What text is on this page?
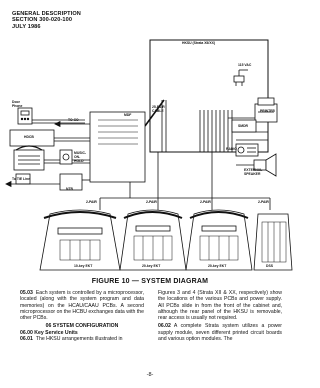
GENERAL DESCRIPTION
SECTION 300-020-100
JULY 1986
HKSU (Strata XII/XX)
115 VAC
Door Phone
TO CO
25-PAIR CABLE
HDCB
MDF
MUSIC-ON-HOLD
To TIE Line
NTB
PRINTER
SMDR
RADIO
EXTERNAL SPEAKER
2-PAIR	2-PAIR	2-PAIR	2-PAIR
10-key EKT	20-key EKT	20-key EKT	DSS
FIGURE 10 — SYSTEM DIAGRAM
05.03 Each system is controlled by a microprocessor, located (along with the system program and data memories) on the HCAU/CAAU PCBs. A second microprocessor on the HCBU exchanges data with the other PCBs.
06 SYSTEM CONFIGURATION
06.00 Key Service Units
06.01 The HKSU arrangements illustrated in
Figures 3 and 4 (Strata XII & XX, respectively) show the locations of the various PCBs and power supply. All PCBs slide in from the front of the cabinet and, although the rear panel of the HKSU is removable, rear access is usually not required.
06.02 A complete Strata system utilizes a power supply module, seven different printed circuit boards and various option modules. The
-8-
